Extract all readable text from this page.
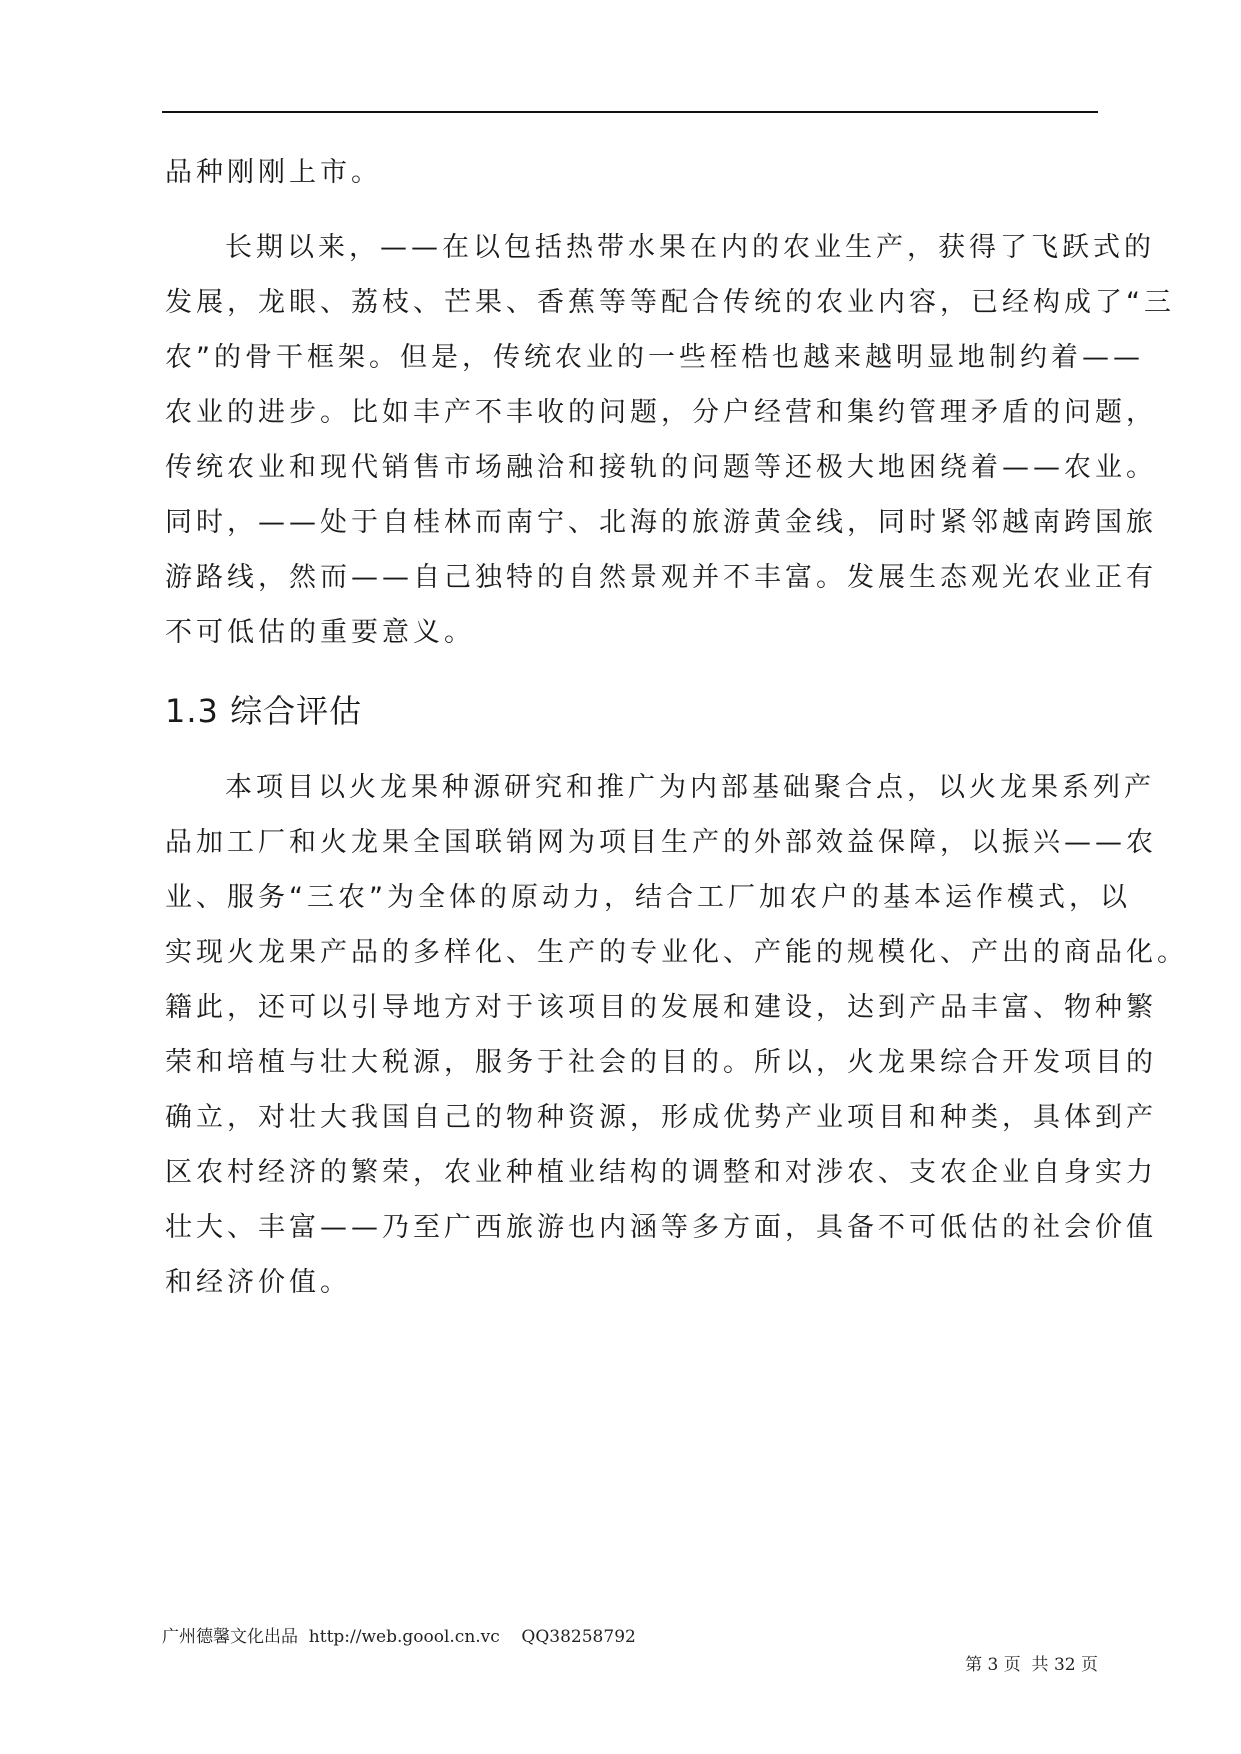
品种刚刚上市。
长 期 以 来 ， — — 在 以 包 括 热 带 水 果 在 内 的 农 业 生 产 ， 获 得 了 飞 跃 式 的
发 展 ， 龙 眼 、 荔 枝 、 芒 果 、 香 蕉 等 等 配 合 传 统 的 农 业 内 容 ， 已 经 构 成 了 “ 三
农 ” 的 骨 干 框 架 。 但 是 ， 传 统 农 业 的 一 些 桎 梏 也 越 来 越 明 显 地 制 约 着 — —
农 业 的 进 步 。 比 如 丰 产 不 丰 收 的 问 题 ， 分 户 经 营 和 集 约 管 理 矛 盾 的 问 题 ，
传 统 农 业 和 现 代 销 售 市 场 融 洽 和 接 轨 的 问 题 等 还 极 大 地 困 绕 着 — — 农 业 。
同 时 ， — — 处 于 自 桂 林 而 南 宁 、 北 海 的 旅 游 黄 金 线 ， 同 时 紧 邻 越 南 跨 国 旅
游 路 线 ， 然 而 — — 自 己 独 特 的 自 然 景 观 并 不 丰 富 。 发 展 生 态 观 光 农 业 正 有
不可低估的重要意义。
1.3 综合评估
本 项 目 以 火 龙 果 种 源 研 究 和 推 广 为 内 部 基 础 聚 合 点 ， 以 火 龙 果 系 列 产
品 加 工 厂 和 火 龙 果 全 国 联 销 网 为 项 目 生 产 的 外 部 效 益 保 障 ， 以 振 兴 — — 农
业 、 服 务 “ 三 农 ” 为 全 体 的 原 动 力 ， 结 合 工 厂 加 农 户 的 基 本 运 作 模 式 ， 以
实 现 火 龙 果 产 品 的 多 样 化 、 生 产 的 专 业 化 、 产 能 的 规 模 化 、 产 出 的 商 品 化 。
籍 此 ， 还 可 以 引 导 地 方 对 于 该 项 目 的 发 展 和 建 设 ， 达 到 产 品 丰 富 、 物 种 繁
荣 和 培 植 与 壮 大 税 源 ， 服 务 于 社 会 的 目 的 。 所 以 ， 火 龙 果 综 合 开 发 项 目 的
确 立 ， 对 壮 大 我 国 自 己 的 物 种 资 源 ， 形 成 优 势 产 业 项 目 和 种 类 ， 具 体 到 产
区 农 村 经 济 的 繁 荣 ， 农 业 种 植 业 结 构 的 调 整 和 对 涉 农 、 支 农 企 业 自 身 实 力
壮 大 、 丰 富 — — 乃 至 广 西 旅 游 也 内 涵 等 多 方 面 ， 具 备 不 可 低 估 的 社 会 价 值
和经济价值。
广州德馨文化出品  http://web.goool.cn.vc    QQ38258792
第 3 页  共 32 页
